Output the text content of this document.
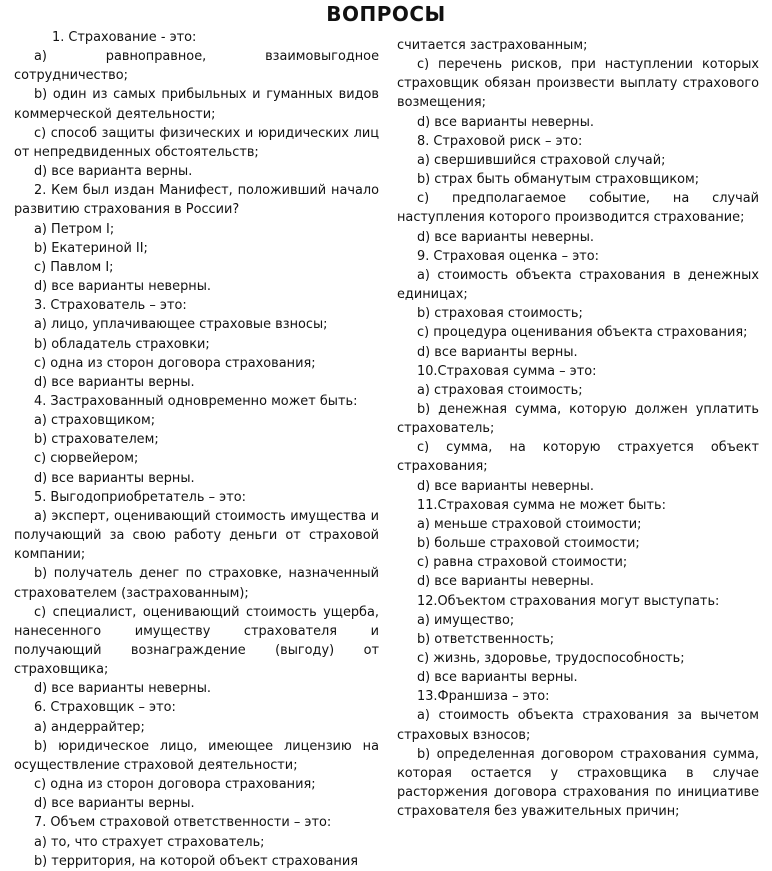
ВОПРОСЫ

1. Страхование - это:

а) равноправное, взаимовыгодное сотрудничество;

b) один из самых прибыльных и гуманных видов коммерческой деятельности;

с) способ защиты физических и юридических лиц от непредвиденных обстоятельств;

d) все варианта верны.

2. Кем был издан Манифест, положивший начало развитию страхования в России?

а) Петром I;

b) Екатериной II;

с) Павлом I;

d) все варианты неверны.

3. Страхователь – это:

а) лицо, уплачивающее страховые взносы;

b) обладатель страховки;

с) одна из сторон договора страхования;

d) все варианты верны.

4. Застрахованный одновременно может быть:

а) страховщиком;

b) страхователем;

с) сюрвейером;

d) все варианты верны.

5. Выгодоприобретатель – это:

а) эксперт, оценивающий стоимость имущества и получающий за свою работу деньги от страховой компании;

b) получатель денег по страховке, назначенный страхователем (застрахованным);

с) специалист, оценивающий стоимость ущерба, нанесенного имуществу страхователя и получающий вознаграждение (выгоду) от страховщика;

d) все варианты неверны.

6. Страховщик – это:

а) андеррайтер;

b) юридическое лицо, имеющее лицензию на осуществление страховой деятельности;

с) одна из сторон договора страхования;

d) все варианты верны.

7. Объем страховой ответственности – это:

а) то, что страхует страхователь;

b) территория, на которой объект страхования

считается застрахованным;

с) перечень рисков, при наступлении которых страховщик обязан произвести выплату страхового возмещения;

d) все варианты неверны.

8. Страховой риск – это:

а) свершившийся страховой случай;

b) страх быть обманутым страховщиком;

с) предполагаемое событие, на случай наступления которого производится страхование;

d) все варианты неверны.

9. Страховая оценка – это:

а) стоимость объекта страхования в денежных единицах;

b) страховая стоимость;

с) процедура оценивания объекта страхования;

d) все варианты верны.

10.Страховая сумма – это:

а) страховая стоимость;

b) денежная сумма, которую должен уплатить страхователь;

с) сумма, на которую страхуется объект страхования;

d) все варианты неверны.

11.Страховая сумма не может быть:

а) меньше страховой стоимости;

b) больше страховой стоимости;

с) равна страховой стоимости;

d) все варианты неверны.

12.Объектом страхования могут выступать:

а) имущество;

b) ответственность;

с) жизнь, здоровье, трудоспособность;

d) все варианты верны.

13.Франшиза – это:

а) стоимость объекта страхования за вычетом страховых взносов;

b) определенная договором страхования сумма, которая остается у страховщика в случае расторжения договора страхования по инициативе страхователя без уважительных причин;
